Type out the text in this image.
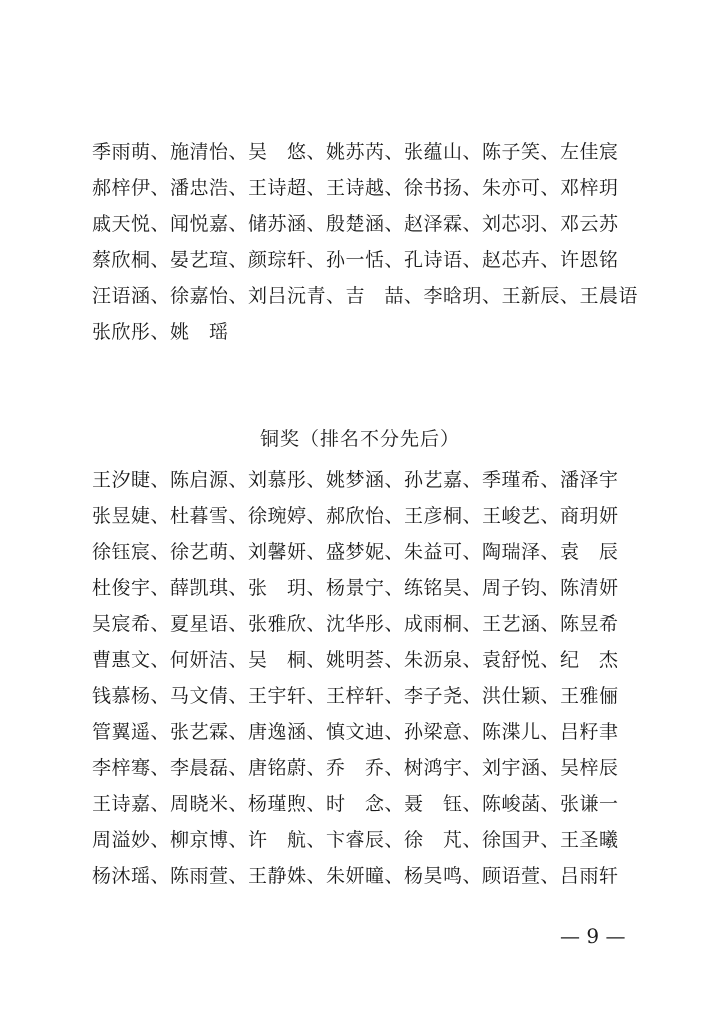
季雨萌、施清怡、吴　悠、姚苏芮、张蕴山、陈子笑、左佳宸
郝梓伊、潘忠浩、王诗超、王诗越、徐书扬、朱亦可、邓梓玥
戚天悦、闻悦嘉、储苏涵、殷楚涵、赵泽霖、刘芯羽、邓云苏
蔡欣桐、晏艺瑄、颜琮轩、孙一恬、孔诗语、赵芯卉、许恩铭
汪语涵、徐嘉怡、刘吕沅青、吉　喆、李晗玥、王新辰、王晨语
张欣彤、姚　瑶
铜奖（排名不分先后）
王汐睫、陈启源、刘慕彤、姚梦涵、孙艺嘉、季瑾希、潘泽宇
张昱婕、杜暮雪、徐琬婷、郝欣怡、王彦桐、王峻艺、商玥妍
徐钰宸、徐艺萌、刘馨妍、盛梦妮、朱益可、陶瑞泽、袁　辰
杜俊宇、薛凯琪、张　玥、杨景宁、练铭昊、周子钧、陈清妍
吴宸希、夏星语、张雅欣、沈华彤、成雨桐、王艺涵、陈昱希
曹惠文、何妍洁、吴　桐、姚明荟、朱沥泉、袁舒悦、纪　杰
钱慕杨、马文倩、王宇轩、王梓轩、李子尧、洪仕颖、王雅俪
管翼遥、张艺霖、唐逸涵、慎文迪、孙梁意、陈渫儿、吕籽聿
李梓骞、李晨磊、唐铭蔚、乔　乔、树鸿宇、刘宇涵、吴梓辰
王诗嘉、周晓米、杨瑾煦、时　念、聂　钰、陈峻菡、张谦一
周溢妙、柳京博、许　航、卞睿辰、徐　芃、徐国尹、王圣曦
杨沐瑶、陈雨萱、王静姝、朱妍曈、杨昊鸣、顾语萱、吕雨轩
— 9 —
